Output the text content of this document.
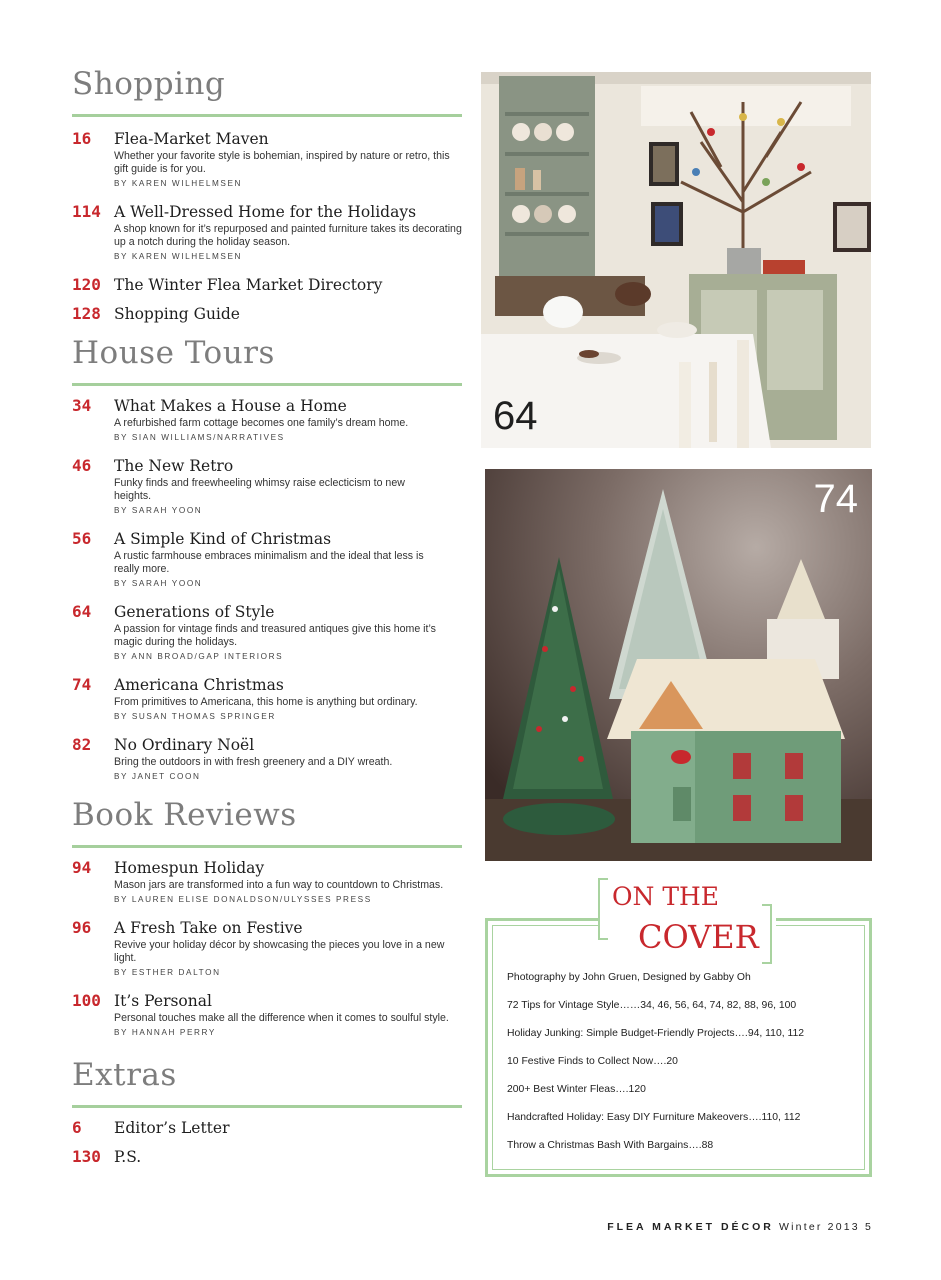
Shopping
16 Flea-Market Maven
Whether your favorite style is bohemian, inspired by nature or retro, this gift guide is for you.
BY KAREN WILHELMSEN
114 A Well-Dressed Home for the Holidays
A shop known for it’s repurposed and painted furniture takes its decorating up a notch during the holiday season.
BY KAREN WILHELMSEN
120 The Winter Flea Market Directory
128 Shopping Guide
House Tours
34 What Makes a House a Home
A refurbished farm cottage becomes one family’s dream home.
BY SIAN WILLIAMS/NARRATIVES
46 The New Retro
Funky finds and freewheeling whimsy raise eclecticism to new heights.
BY SARAH YOON
56 A Simple Kind of Christmas
A rustic farmhouse embraces minimalism and the ideal that less is really more.
BY SARAH YOON
64 Generations of Style
A passion for vintage finds and treasured antiques give this home it’s magic during the holidays.
BY ANN BROAD/GAP INTERIORS
74 Americana Christmas
From primitives to Americana, this home is anything but ordinary.
BY SUSAN THOMAS SPRINGER
82 No Ordinary Noël
Bring the outdoors in with fresh greenery and a DIY wreath.
BY JANET COON
Book Reviews
94 Homespun Holiday
Mason jars are transformed into a fun way to countdown to Christmas.
BY LAUREN ELISE DONALDSON/ULYSSES PRESS
96 A Fresh Take on Festive
Revive your holiday décor by showcasing the pieces you love in a new light.
BY ESTHER DALTON
100 It’s Personal
Personal touches make all the difference when it comes to soulful style.
BY HANNAH PERRY
Extras
6 Editor’s Letter
130 P.S.
64
74
ON THE
COVER
Photography by John Gruen, Designed by Gabby Oh
72 Tips for Vintage Style……34, 46, 56, 64, 74, 82, 88, 96, 100
Holiday Junking: Simple Budget-Friendly Projects….94, 110, 112
10 Festive Finds to Collect Now….20
200+ Best Winter Fleas….120
Handcrafted Holiday: Easy DIY Furniture Makeovers….110, 112
Throw a Christmas Bash With Bargains….88
FLEA MARKET DÉCOR Winter 2013 5
